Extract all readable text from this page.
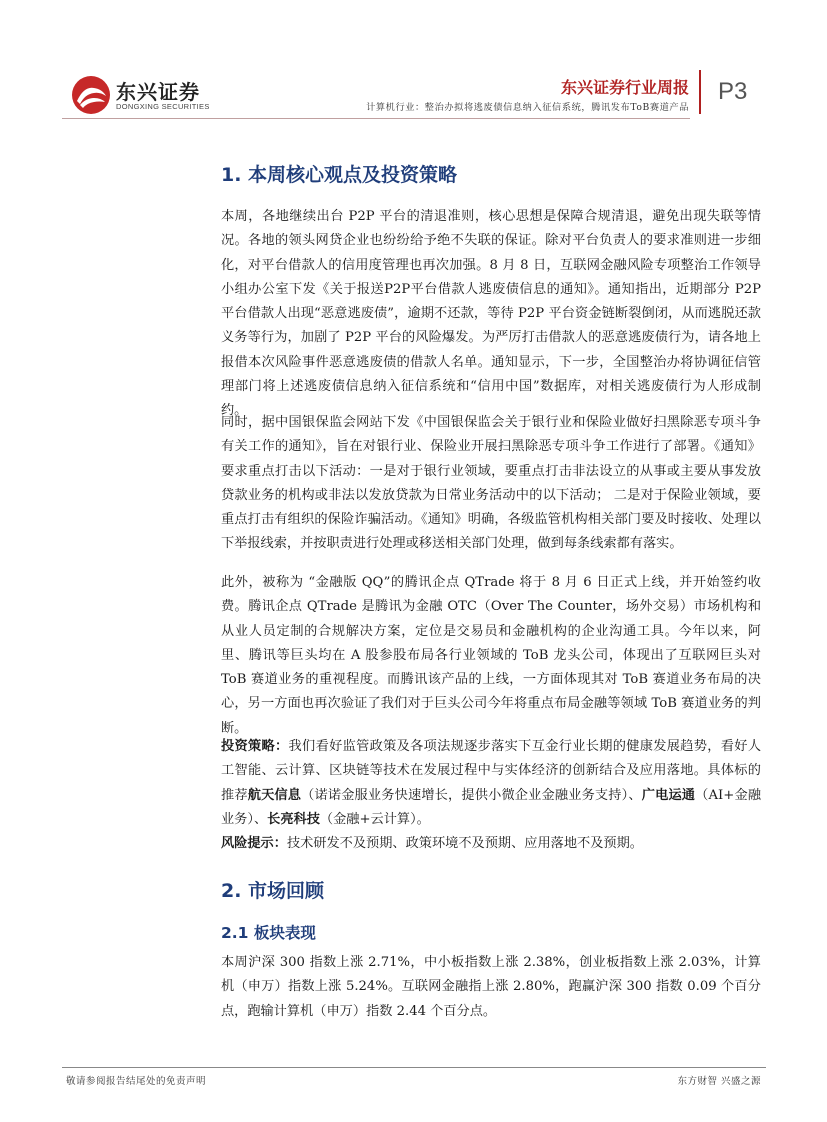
东兴证券
DONGXING SECURITIES
东兴证券行业周报
计算机行业：整治办拟将逃废债信息纳入征信系统，腾讯发布ToB赛道产品
P3
1. 本周核心观点及投资策略
本周，各地继续出台 P2P 平台的清退准则，核心思想是保障合规清退，避免出现失联等情况。各地的领头网贷企业也纷纷给予绝不失联的保证。除对平台负责人的要求准则进一步细化，对平台借款人的信用度管理也再次加强。8 月 8 日，互联网金融风险专项整治工作领导小组办公室下发《关于报送P2P平台借款人逃废债信息的通知》。通知指出，近期部分 P2P 平台借款人出现“恶意逃废债”，逾期不还款，等待 P2P 平台资金链断裂倒闭，从而逃脱还款义务等行为，加剧了 P2P 平台的风险爆发。为严厉打击借款人的恶意逃废债行为，请各地上报借本次风险事件恶意逃废债的借款人名单。通知显示，下一步，全国整治办将协调征信管理部门将上述逃废债信息纳入征信系统和“信用中国”数据库，对相关逃废债行为人形成制约。
同时，据中国银保监会网站下发《中国银保监会关于银行业和保险业做好扫黑除恶专项斗争有关工作的通知》，旨在对银行业、保险业开展扫黑除恶专项斗争工作进行了部署。《通知》要求重点打击以下活动：一是对于银行业领域，要重点打击非法设立的从事或主要从事发放贷款业务的机构或非法以发放贷款为日常业务活动中的以下活动； 二是对于保险业领域，要重点打击有组织的保险诈骗活动。《通知》明确，各级监管机构相关部门要及时接收、处理以下举报线索，并按职责进行处理或移送相关部门处理，做到每条线索都有落实。
此外，被称为 “金融版 QQ”的腾讯企点 QTrade 将于 8 月 6 日正式上线，并开始签约收费。腾讯企点 QTrade 是腾讯为金融 OTC（Over The Counter，场外交易）市场机构和从业人员定制的合规解决方案，定位是交易员和金融机构的企业沟通工具。今年以来，阿里、腾讯等巨头均在 A 股参股布局各行业领域的 ToB 龙头公司，体现出了互联网巨头对 ToB 赛道业务的重视程度。而腾讯该产品的上线，一方面体现其对 ToB 赛道业务布局的决心，另一方面也再次验证了我们对于巨头公司今年将重点布局金融等领域 ToB 赛道业务的判断。
投资策略：我们看好监管政策及各项法规逐步落实下互金行业长期的健康发展趋势，看好人工智能、云计算、区块链等技术在发展过程中与实体经济的创新结合及应用落地。具体标的推荐航天信息（诺诺金服业务快速增长，提供小微企业金融业务支持）、广电运通（AI+金融业务）、长亮科技（金融+云计算）。
风险提示：技术研发不及预期、政策环境不及预期、应用落地不及预期。
2. 市场回顾
2.1 板块表现
本周沪深 300 指数上涨 2.71%，中小板指数上涨 2.38%，创业板指数上涨 2.03%，计算机（申万）指数上涨 5.24%。互联网金融指上涨 2.80%，跑赢沪深 300 指数 0.09 个百分点，跑输计算机（申万）指数 2.44 个百分点。
敬请参阅报告结尾处的免责声明	东方财智 兴盛之源
